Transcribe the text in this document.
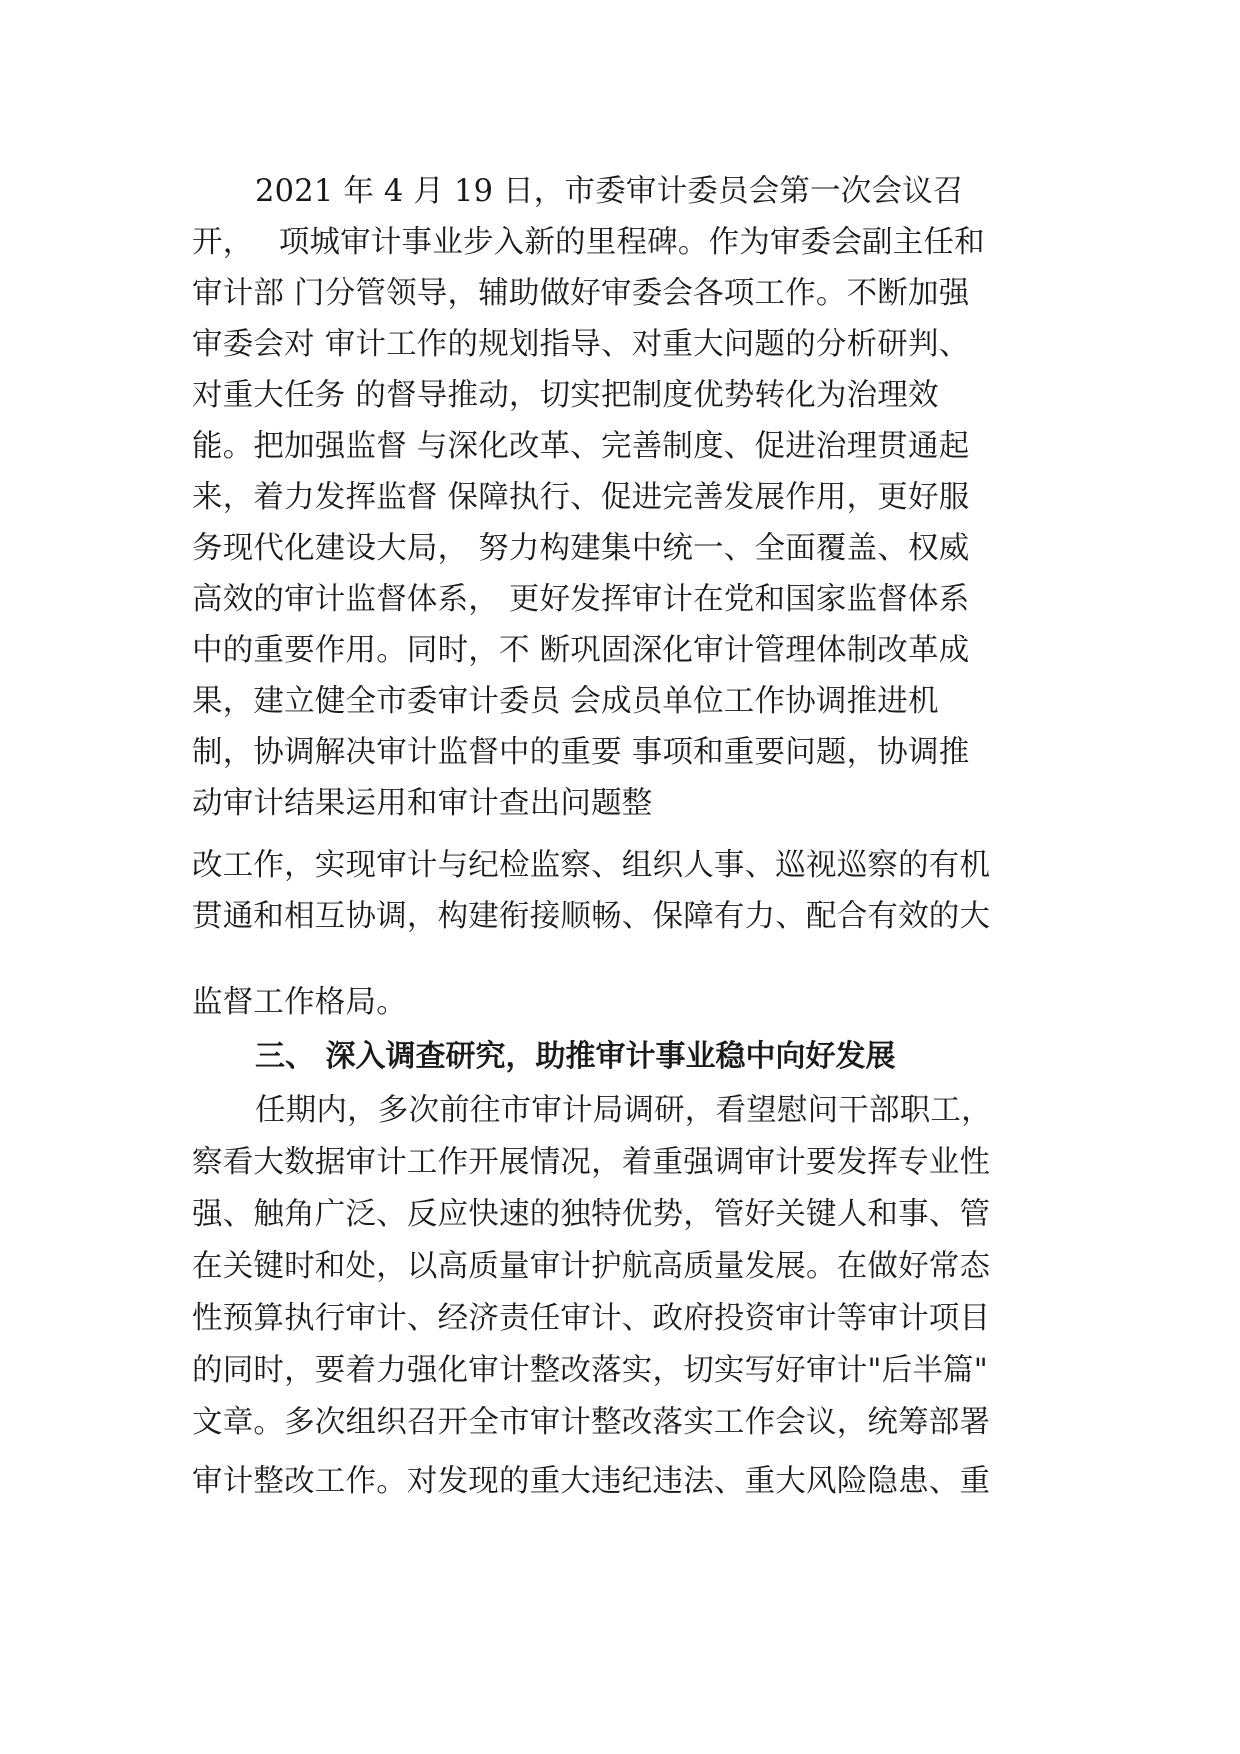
2021 年 4 月 19 日，市委审计委员会第一次会议召
开，　 项城审计事业步入新的里程碑。作为审委会副主任和
审计部 门分管领导，辅助做好审委会各项工作。不断加强
审委会对 审计工作的规划指导、对重大问题的分析研判、
对重大任务 的督导推动，切实把制度优势转化为治理效
能。把加强监督 与深化改革、完善制度、促进治理贯通起
来，着力发挥监督 保障执行、促进完善发展作用，更好服
务现代化建设大局， 努力构建集中统一、全面覆盖、权威
高效的审计监督体系， 更好发挥审计在党和国家监督体系
中的重要作用。同时，不 断巩固深化审计管理体制改革成
果，建立健全市委审计委员 会成员单位工作协调推进机
制，协调解决审计监督中的重要 事项和重要问题，协调推
动审计结果运用和审计查出问题整
改工作，实现审计与纪检监察、组织人事、巡视巡察的有机
贯通和相互协调，构建衔接顺畅、保障有力、配合有效的大
监督工作格局。
三、 深入调查研究，助推审计事业稳中向好发展
任期内，多次前往市审计局调研，看望慰问干部职工，
察看大数据审计工作开展情况，着重强调审计要发挥专业性
强、触角广泛、反应快速的独特优势，管好关键人和事、管
在关键时和处，以高质量审计护航高质量发展。在做好常态
性预算执行审计、经济责任审计、政府投资审计等审计项目
的同时，要着力强化审计整改落实，切实写好审计"后半篇"
文章。多次组织召开全市审计整改落实工作会议，统筹部署
审计整改工作。对发现的重大违纪违法、重大风险隐患、重
